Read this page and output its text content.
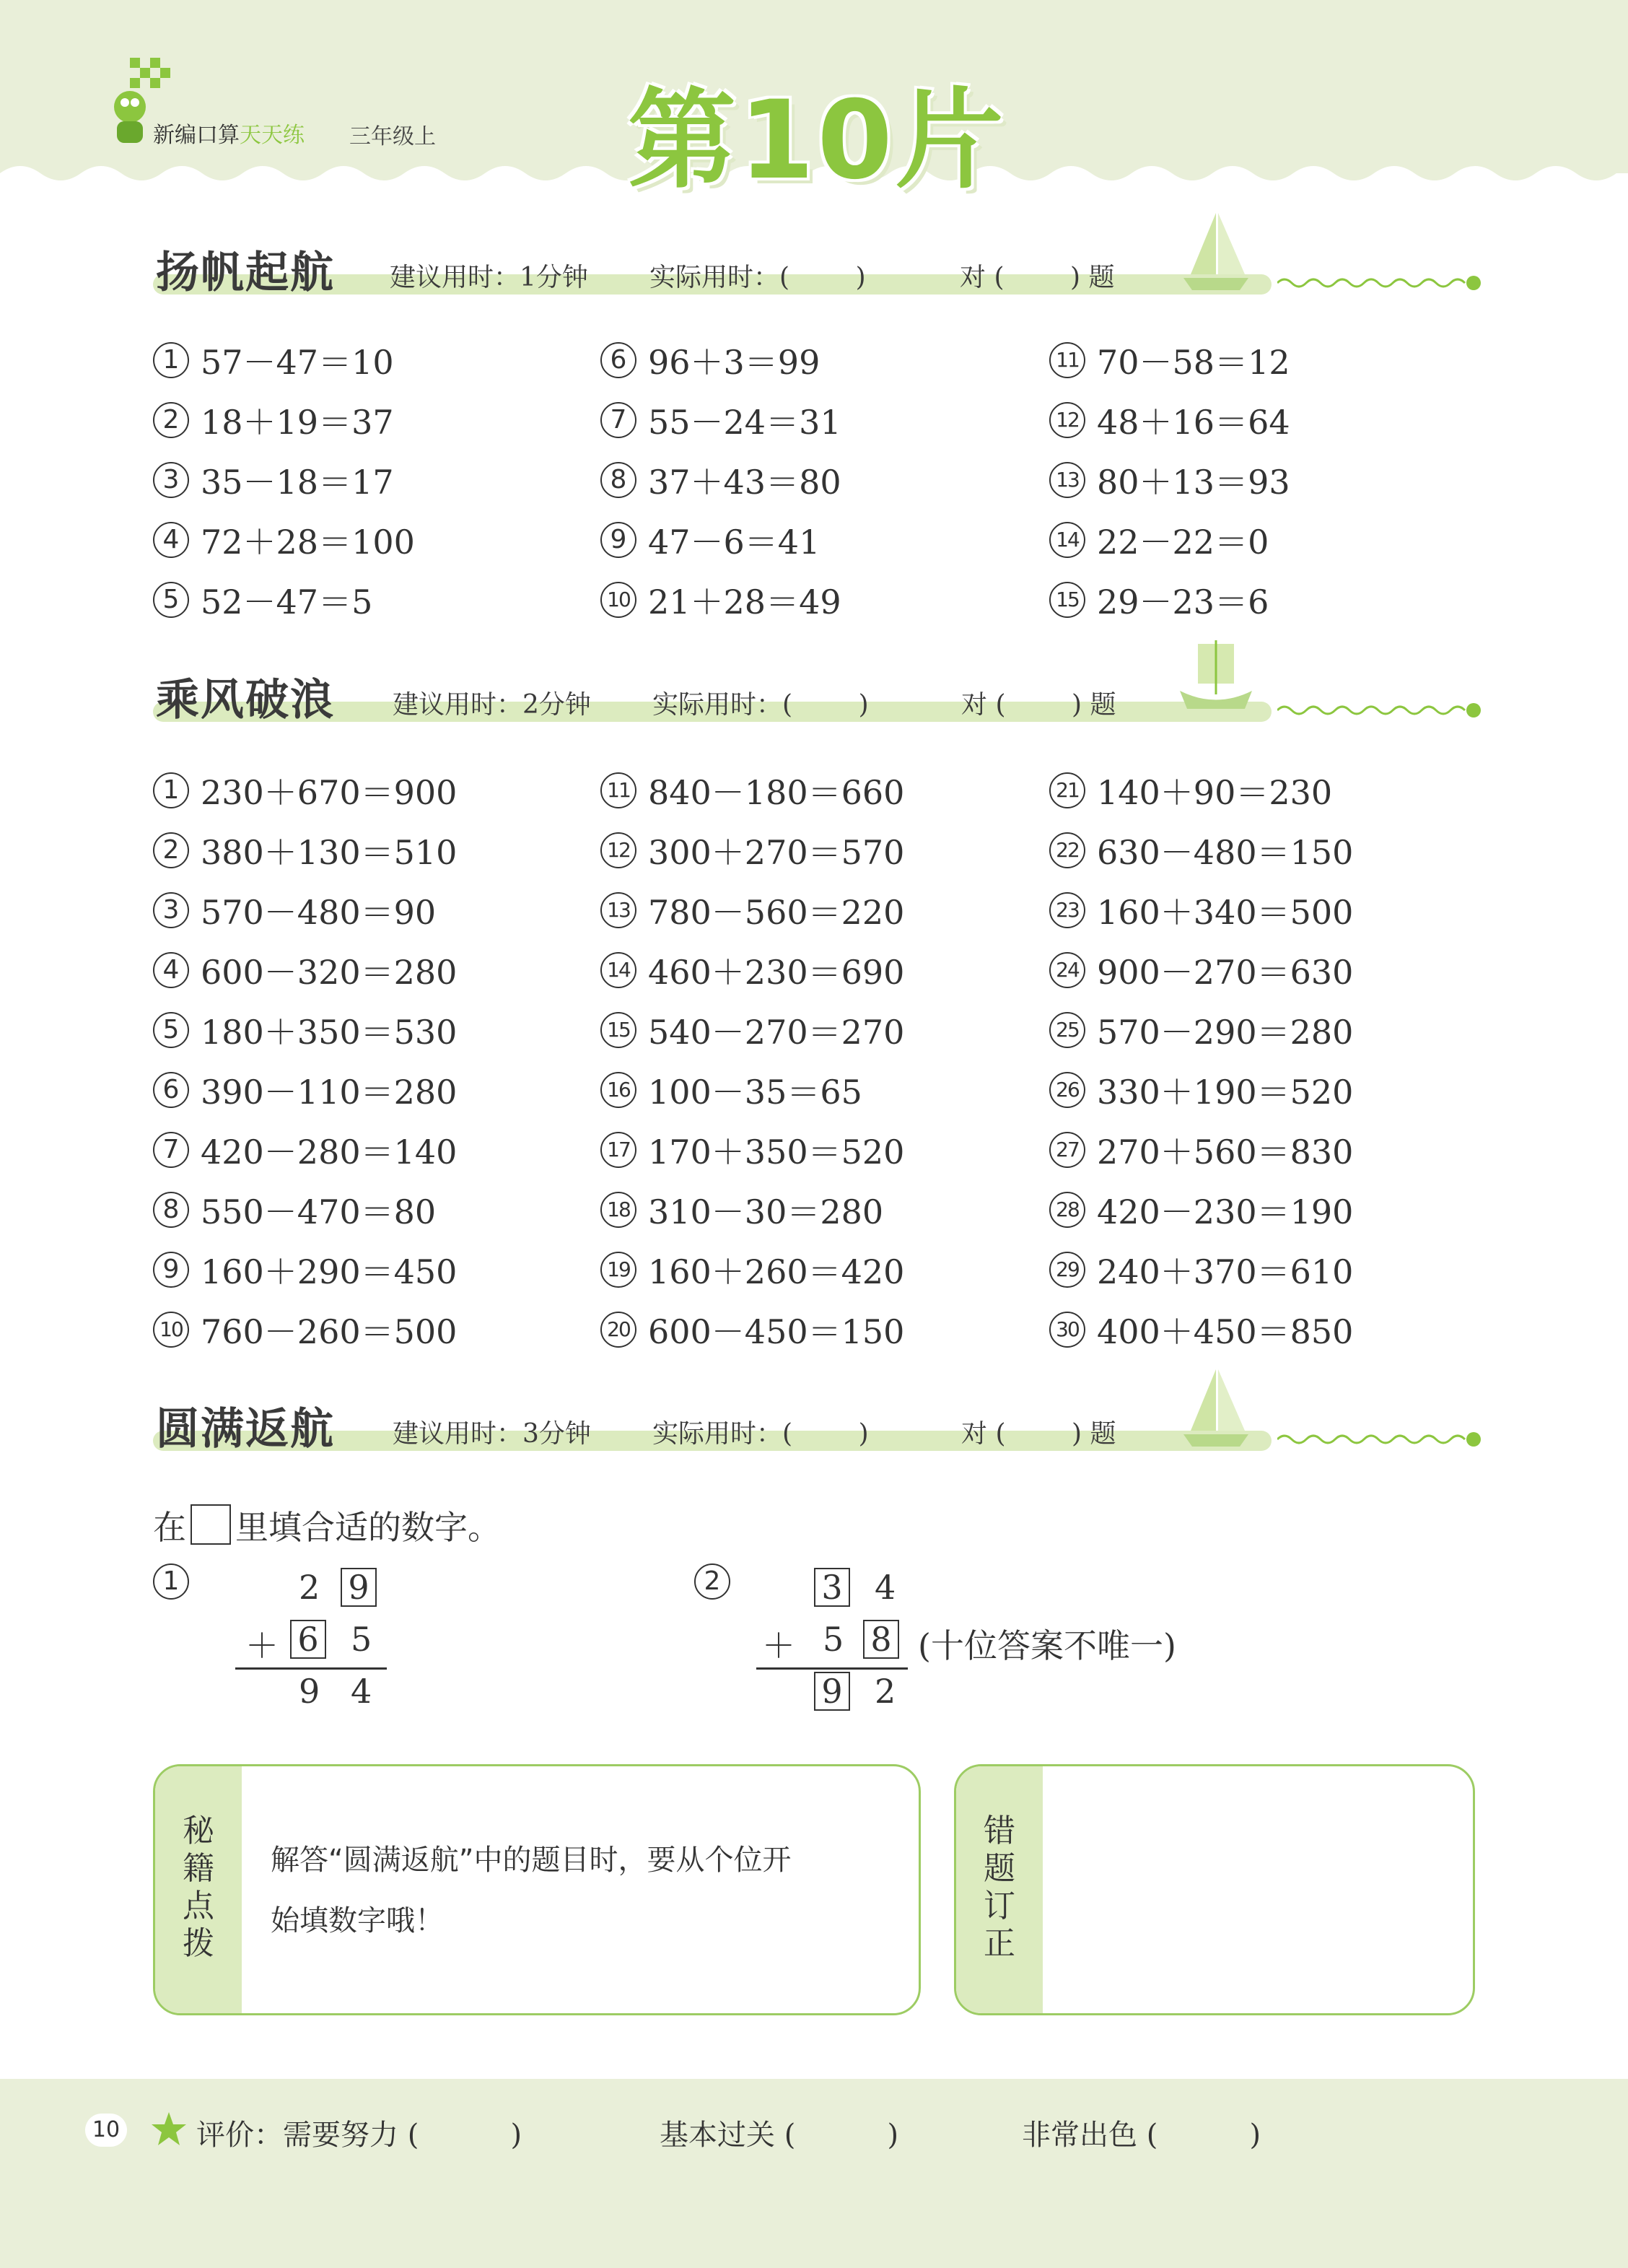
新编口算天天练 三年级上 第10片
扬帆起航 建议用时：1分钟 实际用时：(        )	对 (        ) 题
1 57－47＝10
2 18＋19＝37
3 35－18＝17
4 72＋28＝100
5 52－47＝5
6 96＋3＝99
7 55－24＝31
8 37＋43＝80
9 47－6＝41
10 21＋28＝49
11 70－58＝12
12 48＋16＝64
13 80＋13＝93
14 22－22＝0
15 29－23＝6
乘风破浪 建议用时：2分钟 实际用时：(        )	对 (        ) 题
1 230＋670＝900
2 380＋130＝510
3 570－480＝90
4 600－320＝280
5 180＋350＝530
6 390－110＝280
7 420－280＝140
8 550－470＝80
9 160＋290＝450
10 760－260＝500
11 840－180＝660
12 300＋270＝570
13 780－560＝220
14 460＋230＝690
15 540－270＝270
16 100－35＝65
17 170＋350＝520
18 310－30＝280
19 160＋260＝420
20 600－450＝150
21 140＋90＝230
22 630－480＝150
23 160＋340＝500
24 900－270＝630
25 570－290＝280
26 330＋190＝520
27 270＋560＝830
28 420－230＝190
29 240＋370＝610
30 400＋450＝850
圆满返航 建议用时：3分钟 实际用时：(        )	对 (        ) 题
在 里填合适的数字。
1	2 9
＋ 6 5
9 4
2	3 4
＋ 5 8 (十位答案不唯一)
9 2
秘籍点拨
解答“圆满返航”中的题目时，要从个位开
始填数字哦！
错题订正
10	评价：需要努力 (          )	基本过关 (          )	非常出色 (          )
